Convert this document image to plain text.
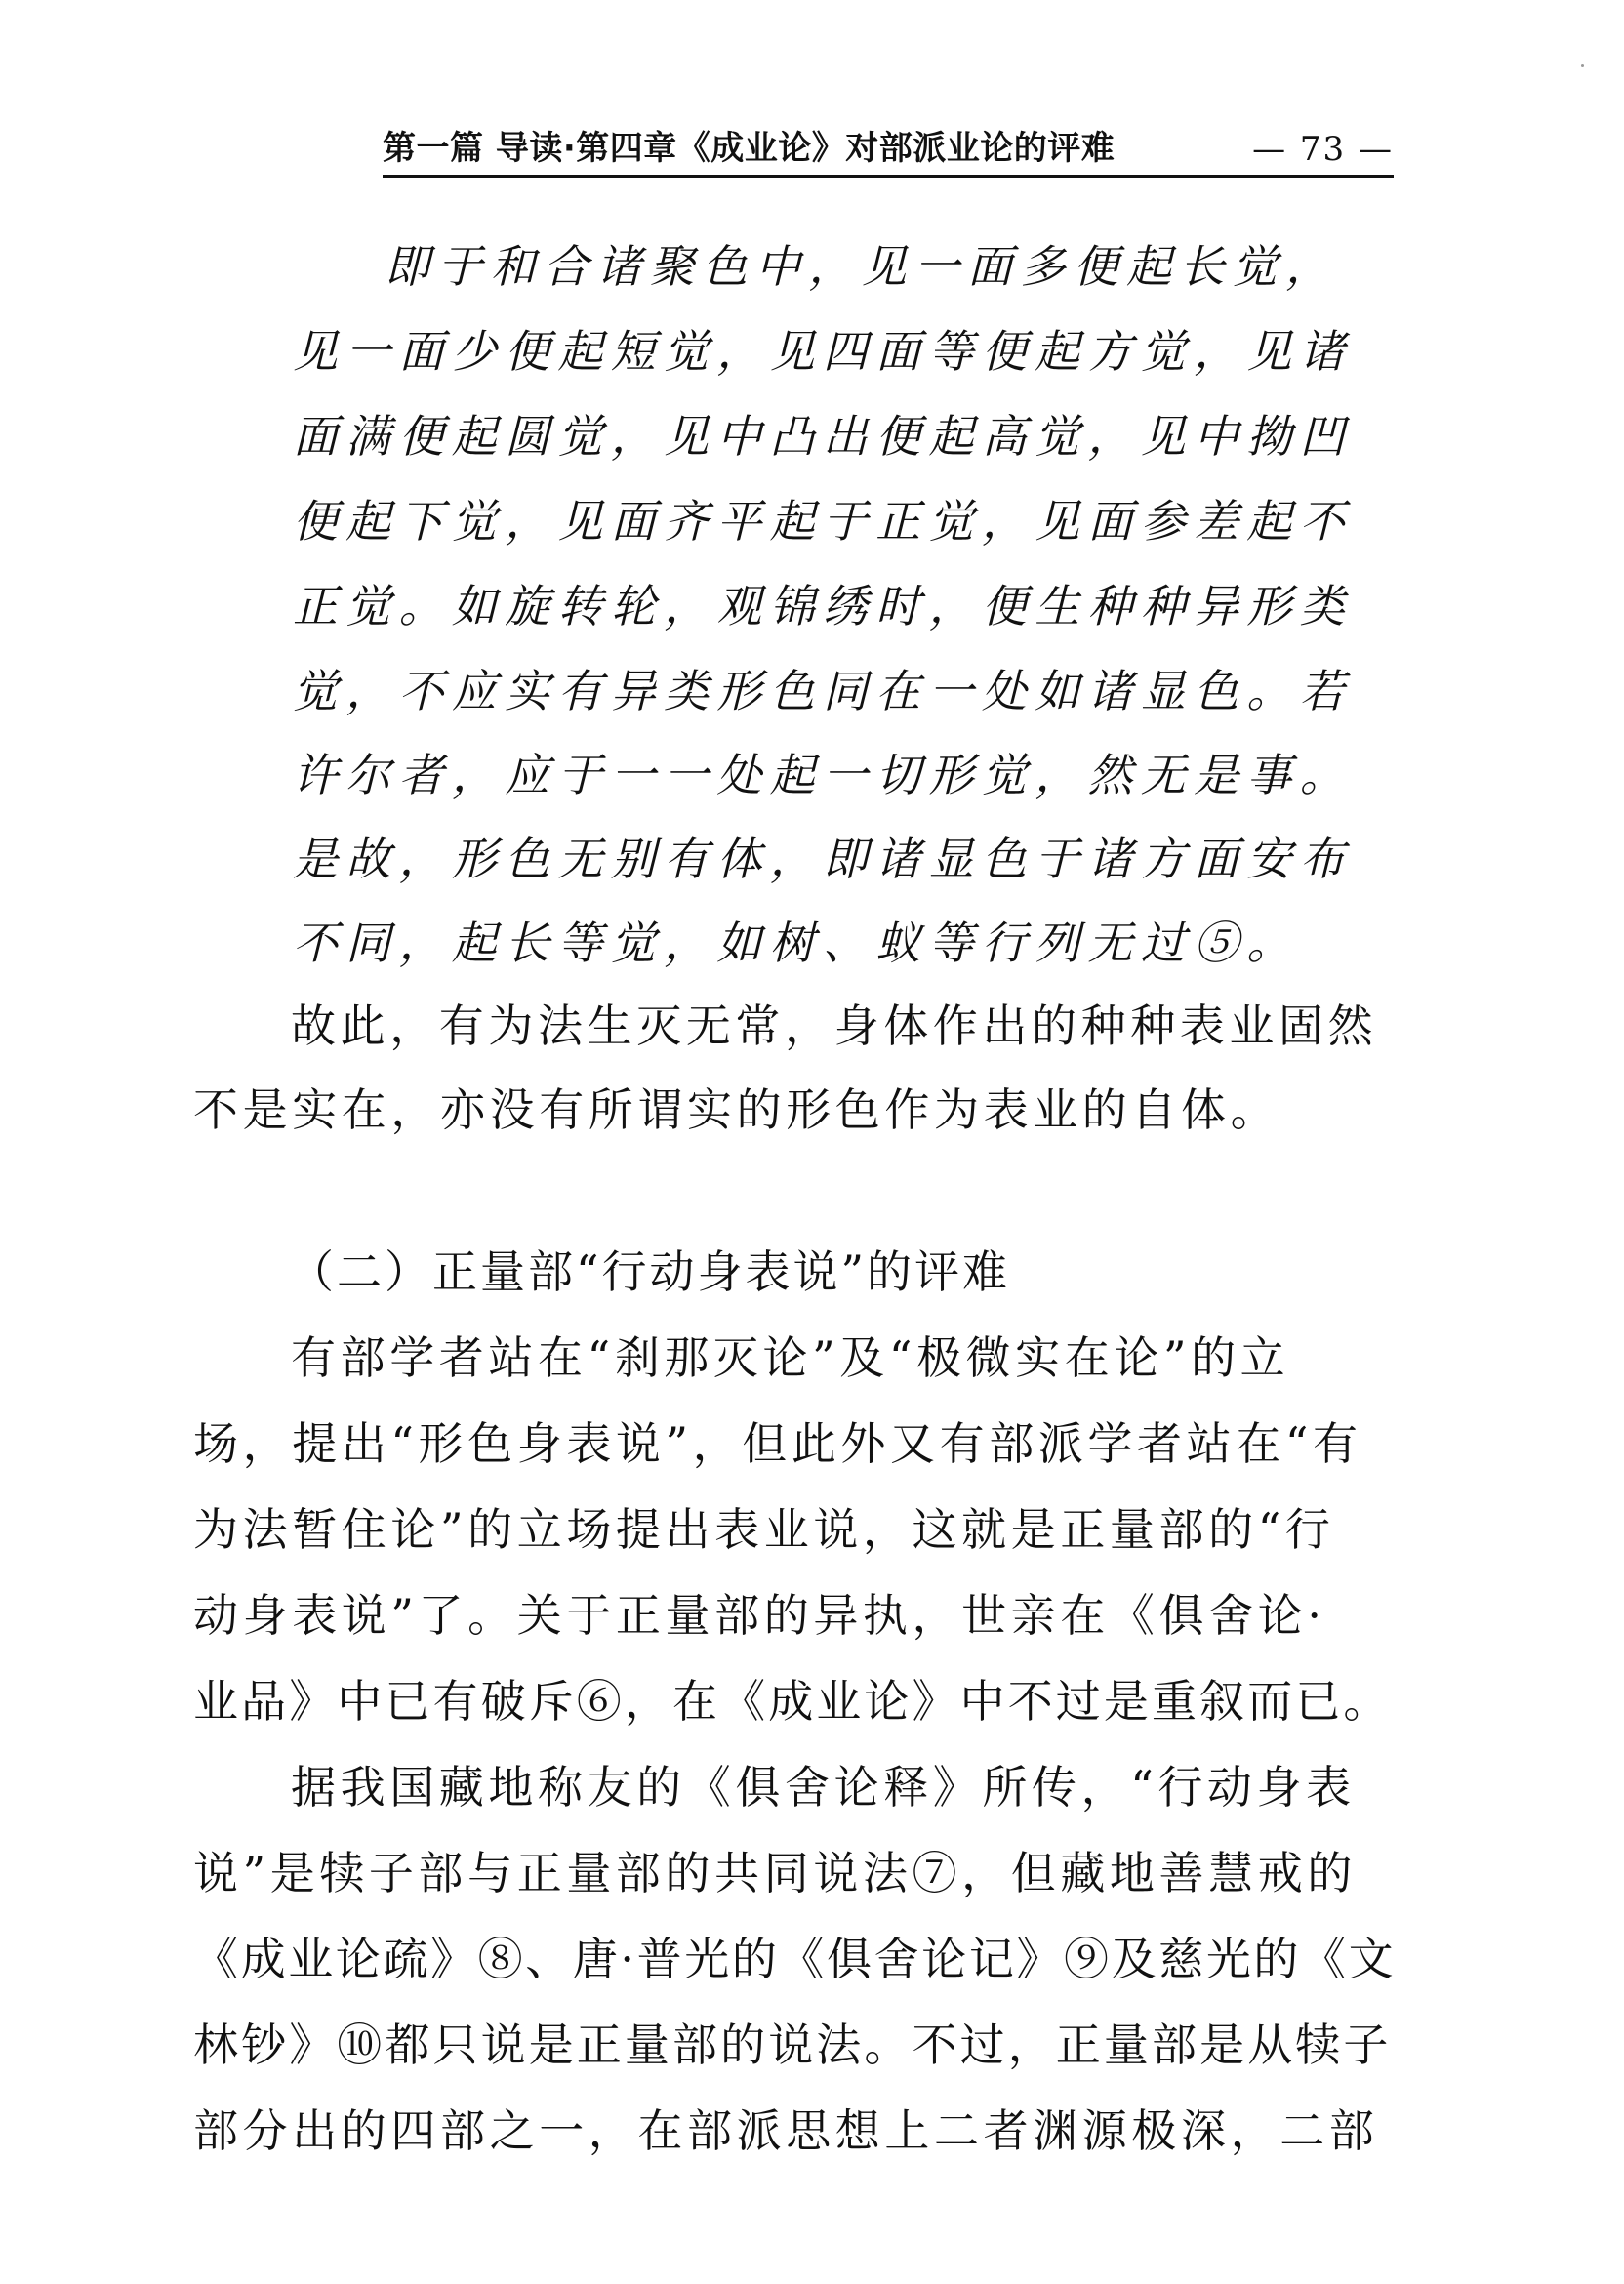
第一篇 导读·第四章《成业论》对部派业论的评难	— 73 —
即于和合诸聚色中，见一面多便起长觉，
见一面少便起短觉，见四面等便起方觉，见诸
面满便起圆觉，见中凸出便起高觉，见中拗凹
便起下觉，见面齐平起于正觉，见面参差起不
正觉。如旋转轮，观锦绣时，便生种种异形类
觉，不应实有异类形色同在一处如诸显色。若
许尔者，应于一一处起一切形觉，然无是事。
是故，形色无别有体，即诸显色于诸方面安布
不同，起长等觉，如树、蚁等行列无过⑤。
故此，有为法生灭无常，身体作出的种种表业固然
不是实在，亦没有所谓实的形色作为表业的自体。
（二）正量部“行动身表说”的评难
有部学者站在“刹那灭论”及“极微实在论”的立
场，提出“形色身表说”，但此外又有部派学者站在“有
为法暂住论”的立场提出表业说，这就是正量部的“行
动身表说”了。关于正量部的异执，世亲在《俱舍论·
业品》中已有破斥⑥，在《成业论》中不过是重叙而已。
据我国藏地称友的《俱舍论释》所传，“行动身表
说”是犊子部与正量部的共同说法⑦，但藏地善慧戒的
《成业论疏》⑧、唐·普光的《俱舍论记》⑨及慈光的《文
林钞》⑩都只说是正量部的说法。不过，正量部是从犊子
部分出的四部之一，在部派思想上二者渊源极深，二部
